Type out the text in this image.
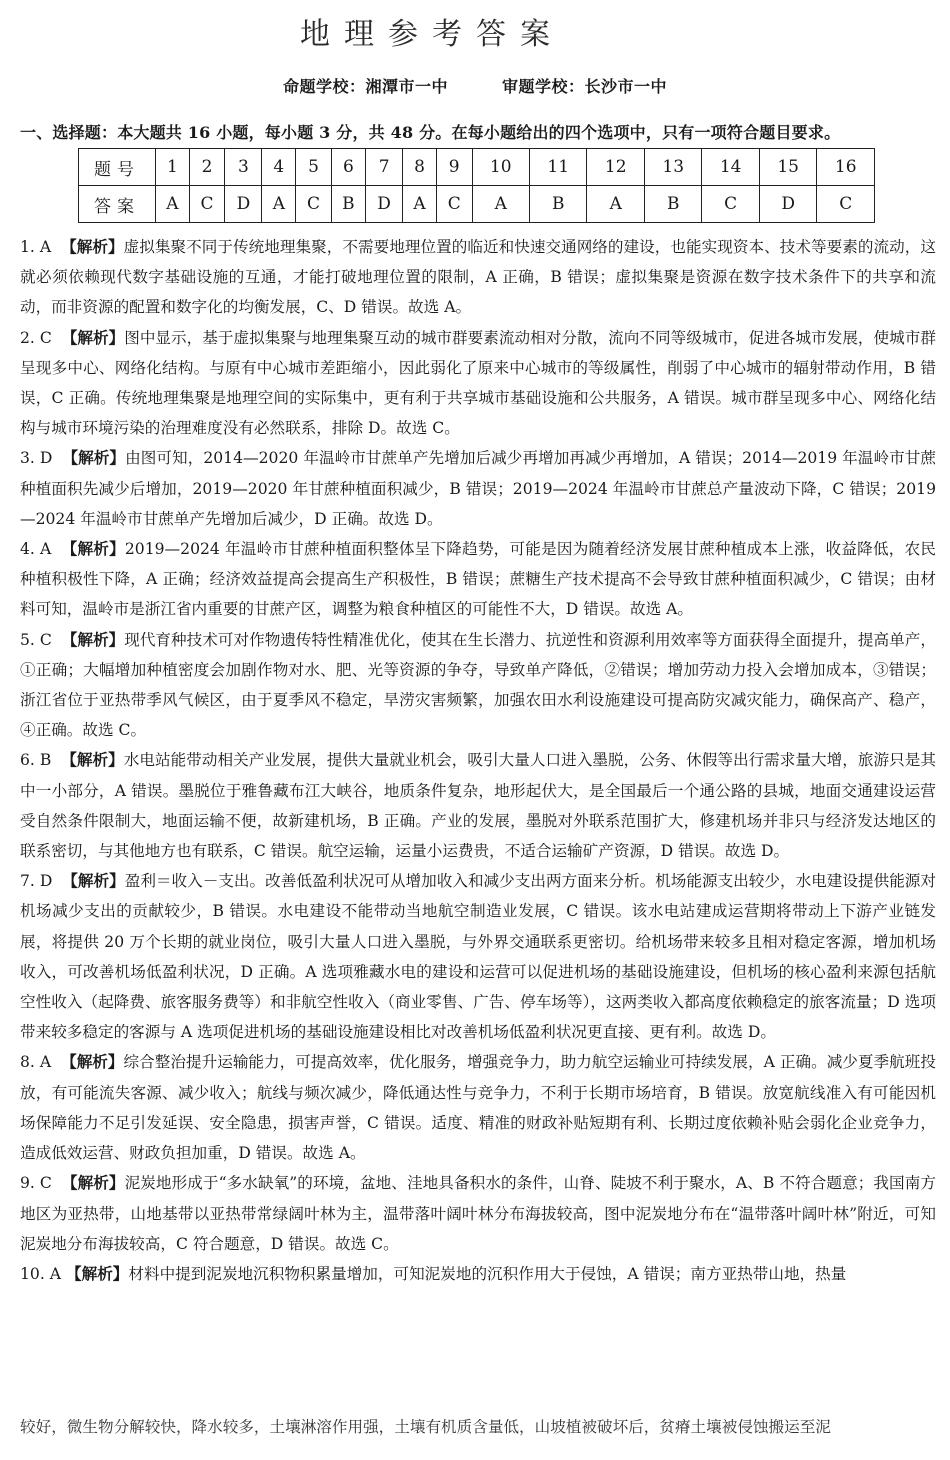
地理参考答案
命题学校：湘潭市一中	审题学校：长沙市一中
一、选择题：本大题共 16 小题，每小题 3 分，共 48 分。在每小题给出的四个选项中，只有一项符合题目要求。
题号	1	2	3	4	5	6	7	8	9	10	11	12	13	14	15	16
答案	A	C	D	A	C	B	D	A	C	A	B	A	B	C	D	C

1. A 【解析】虚拟集聚不同于传统地理集聚，不需要地理位置的临近和快速交通网络的建设，也能实现资本、技术等要素的流动，这就必须依赖现代数字基础设施的互通，才能打破地理位置的限制，A 正确，B 错误；虚拟集聚是资源在数字技术条件下的共享和流动，而非资源的配置和数字化的均衡发展，C、D 错误。故选 A。

2. C 【解析】图中显示，基于虚拟集聚与地理集聚互动的城市群要素流动相对分散，流向不同等级城市，促进各城市发展，使城市群呈现多中心、网络化结构。与原有中心城市差距缩小，因此弱化了原来中心城市的等级属性，削弱了中心城市的辐射带动作用，B 错误，C 正确。传统地理集聚是地理空间的实际集中，更有利于共享城市基础设施和公共服务，A 错误。城市群呈现多中心、网络化结构与城市环境污染的治理难度没有必然联系，排除 D。故选 C。

3. D 【解析】由图可知，2014—2020 年温岭市甘蔗单产先增加后减少再增加再减少再增加，A 错误；2014—2019 年温岭市甘蔗种植面积先减少后增加，2019—2020 年甘蔗种植面积减少，B 错误；2019—2024 年温岭市甘蔗总产量波动下降，C 错误；2019—2024 年温岭市甘蔗单产先增加后减少，D 正确。故选 D。

4. A 【解析】2019—2024 年温岭市甘蔗种植面积整体呈下降趋势，可能是因为随着经济发展甘蔗种植成本上涨，收益降低，农民种植积极性下降，A 正确；经济效益提高会提高生产积极性，B 错误；蔗糖生产技术提高不会导致甘蔗种植面积减少，C 错误；由材料可知，温岭市是浙江省内重要的甘蔗产区，调整为粮食种植区的可能性不大，D 错误。故选 A。

5. C 【解析】现代育种技术可对作物遗传特性精准优化，使其在生长潜力、抗逆性和资源利用效率等方面获得全面提升，提高单产，①正确；大幅增加种植密度会加剧作物对水、肥、光等资源的争夺，导致单产降低，②错误；增加劳动力投入会增加成本，③错误；浙江省位于亚热带季风气候区，由于夏季风不稳定，旱涝灾害频繁，加强农田水利设施建设可提高防灾减灾能力，确保高产、稳产，④正确。故选 C。

6. B 【解析】水电站能带动相关产业发展，提供大量就业机会，吸引大量人口进入墨脱，公务、休假等出行需求量大增，旅游只是其中一小部分，A 错误。墨脱位于雅鲁藏布江大峡谷，地质条件复杂，地形起伏大，是全国最后一个通公路的县城，地面交通建设运营受自然条件限制大，地面运输不便，故新建机场，B 正确。产业的发展，墨脱对外联系范围扩大，修建机场并非只与经济发达地区的联系密切，与其他地方也有联系，C 错误。航空运输，运量小运费贵，不适合运输矿产资源，D 错误。故选 D。

7. D 【解析】盈利＝收入－支出。改善低盈利状况可从增加收入和减少支出两方面来分析。机场能源支出较少，水电建设提供能源对机场减少支出的贡献较少，B 错误。水电建设不能带动当地航空制造业发展，C 错误。该水电站建成运营期将带动上下游产业链发展，将提供 20 万个长期的就业岗位，吸引大量人口进入墨脱，与外界交通联系更密切。给机场带来较多且相对稳定客源，增加机场收入，可改善机场低盈利状况，D 正确。A 选项雅藏水电的建设和运营可以促进机场的基础设施建设，但机场的核心盈利来源包括航空性收入（起降费、旅客服务费等）和非航空性收入（商业零售、广告、停车场等），这两类收入都高度依赖稳定的旅客流量；D 选项带来较多稳定的客源与 A 选项促进机场的基础设施建设相比对改善机场低盈利状况更直接、更有利。故选 D。

8. A 【解析】综合整治提升运输能力，可提高效率，优化服务，增强竞争力，助力航空运输业可持续发展，A 正确。减少夏季航班投放，有可能流失客源、减少收入；航线与频次减少，降低通达性与竞争力，不利于长期市场培育，B 错误。放宽航线准入有可能因机场保障能力不足引发延误、安全隐患，损害声誉，C 错误。适度、精准的财政补贴短期有利、长期过度依赖补贴会弱化企业竞争力，造成低效运营、财政负担加重，D 错误。故选 A。

9. C 【解析】泥炭地形成于“多水缺氧”的环境，盆地、洼地具备积水的条件，山脊、陡坡不利于聚水，A、B 不符合题意；我国南方地区为亚热带，山地基带以亚热带常绿阔叶林为主，温带落叶阔叶林分布海拔较高，图中泥炭地分布在“温带落叶阔叶林”附近，可知泥炭地分布海拔较高，C 符合题意，D 错误。故选 C。

10. A 【解析】材料中提到泥炭地沉积物积累量增加，可知泥炭地的沉积作用大于侵蚀，A 错误；南方亚热带山地，热量

较好，微生物分解较快，降水较多，土壤淋溶作用强，土壤有机质含量低，山坡植被破坏后，贫瘠土壤被侵蚀搬运至泥
